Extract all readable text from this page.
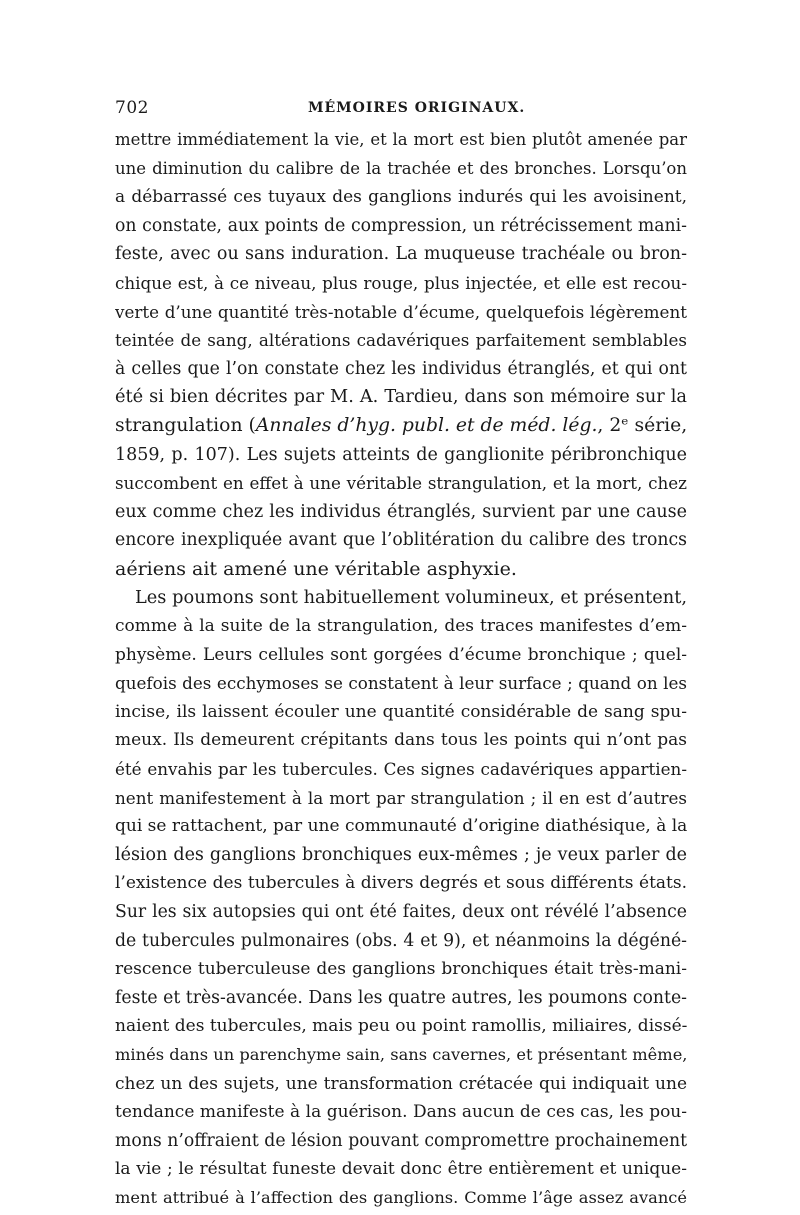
702	MÉMOIRES ORIGINAUX.
mettre immédiatement la vie, et la mort est bien plutôt amenée par
une diminution du calibre de la trachée et des bronches. Lorsqu’on
a débarrassé ces tuyaux des ganglions indurés qui les avoisinent,
on constate, aux points de compression, un rétrécissement mani-
feste, avec ou sans induration. La muqueuse trachéale ou bron-
chique est, à ce niveau, plus rouge, plus injectée, et elle est recou-
verte d’une quantité très-notable d’écume, quelquefois légèrement
teintée de sang, altérations cadavériques parfaitement semblables
à celles que l’on constate chez les individus étranglés, et qui ont
été si bien décrites par M. A. Tardieu, dans son mémoire sur la
strangulation (Annales d’hyg. publ. et de méd. lég., 2ᵉ série,
1859, p. 107). Les sujets atteints de ganglionite péribronchique
succombent en effet à une véritable strangulation, et la mort, chez
eux comme chez les individus étranglés, survient par une cause
encore inexpliquée avant que l’oblitération du calibre des troncs
aériens ait amené une véritable asphyxie.
Les poumons sont habituellement volumineux, et présentent,
comme à la suite de la strangulation, des traces manifestes d’em-
physème. Leurs cellules sont gorgées d’écume bronchique ; quel-
quefois des ecchymoses se constatent à leur surface ; quand on les
incise, ils laissent écouler une quantité considérable de sang spu-
meux. Ils demeurent crépitants dans tous les points qui n’ont pas
été envahis par les tubercules. Ces signes cadavériques appartien-
nent manifestement à la mort par strangulation ; il en est d’autres
qui se rattachent, par une communauté d’origine diathésique, à la
lésion des ganglions bronchiques eux-mêmes ; je veux parler de
l’existence des tubercules à divers degrés et sous différents états.
Sur les six autopsies qui ont été faites, deux ont révélé l’absence
de tubercules pulmonaires (obs. 4 et 9), et néanmoins la dégéné-
rescence tuberculeuse des ganglions bronchiques était très-mani-
feste et très-avancée. Dans les quatre autres, les poumons conte-
naient des tubercules, mais peu ou point ramollis, miliaires, dissé-
minés dans un parenchyme sain, sans cavernes, et présentant même,
chez un des sujets, une transformation crétacée qui indiquait une
tendance manifeste à la guérison. Dans aucun de ces cas, les pou-
mons n’offraient de lésion pouvant compromettre prochainement
la vie ; le résultat funeste devait donc être entièrement et unique-
ment attribué à l’affection des ganglions. Comme l’âge assez avancé
